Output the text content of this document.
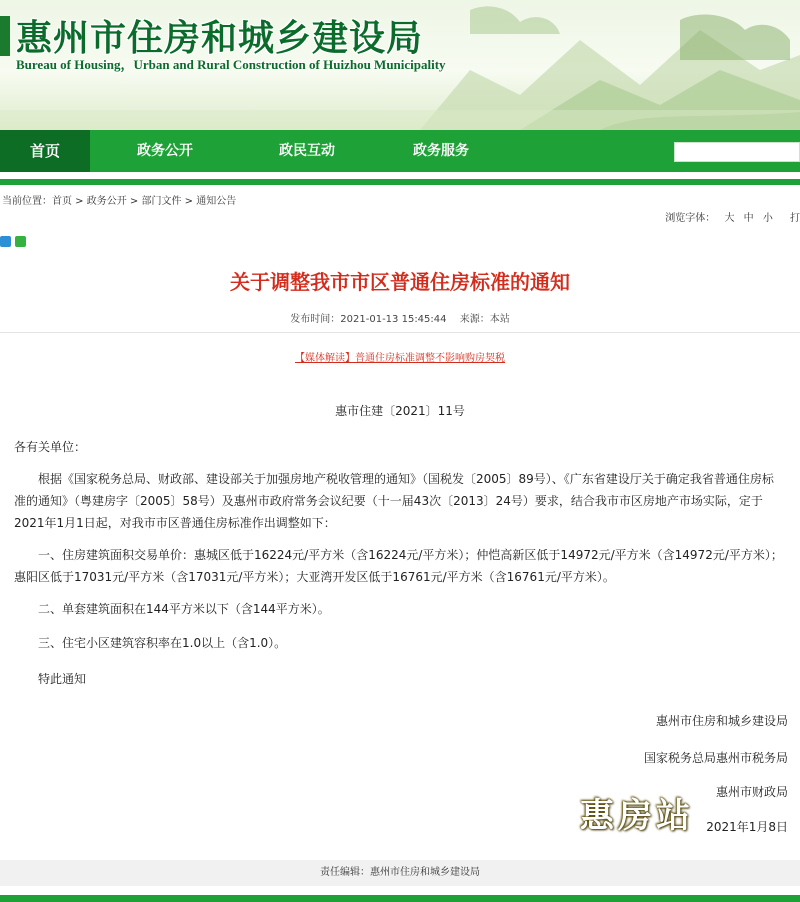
惠州市住房和城乡建设局
Bureau of Housing，Urban and Rural Construction of Huizhou Municipality
首页	政务公开	政民互动	政务服务
当前位置：首页 > 政务公开 > 部门文件 > 通知公告
浏览字体： 大 中 小 打
关于调整我市市区普通住房标准的通知
发布时间：2021-01-13 15:45:44 来源：本站
【媒体解读】普通住房标准调整不影响购房契税
惠市住建〔2021〕11号
各有关单位：
根据《国家税务总局、财政部、建设部关于加强房地产税收管理的通知》（国税发〔2005〕89号）、《广东省建设厅关于确定我省普通住房标准的通知》（粤建房字〔2005〕58号）及惠州市政府常务会议纪要（十一届43次〔2013〕24号）要求，结合我市市区房地产市场实际，定于2021年1月1日起，对我市市区普通住房标准作出调整如下：
一、住房建筑面积交易单价：惠城区低于16224元/平方米（含16224元/平方米）；仲恺高新区低于14972元/平方米（含14972元/平方米）；惠阳区低于17031元/平方米（含17031元/平方米）；大亚湾开发区低于16761元/平方米（含16761元/平方米）。
二、单套建筑面积在144平方米以下（含144平方米）。
三、住宅小区建筑容积率在1.0以上（含1.0）。
特此通知
惠州市住房和城乡建设局
国家税务总局惠州市税务局
惠州市财政局
2021年1月8日
惠房站
责任编辑：惠州市住房和城乡建设局
